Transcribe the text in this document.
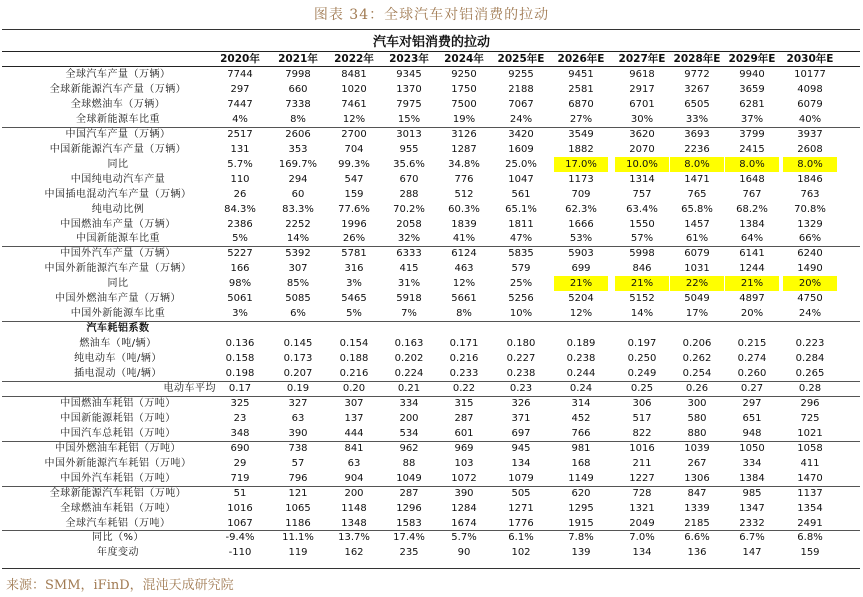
图表 34：全球汽车对铝消费的拉动
汽车对铝消费的拉动
2020年	2021年	2022年	2023年	2024年	2025年E	2026年E	2027年E 2028年E 2029年E	2030年E
全球汽车产量（万辆）	7744	7998	8481	9345	9250	9255	9451	9618	9772	9940	10177
全球新能源汽车产量（万辆）	297	660	1020	1370	1750	2188	2581	2917	3267	3659	4098
全球燃油车（万辆）	7447	7338	7461	7975	7500	7067	6870	6701	6505	6281	6079
全球新能源车比重	4%	8%	12%	15%	19%	24%	27%	30%	33%	37%	40%
中国汽车产量（万辆）	2517	2606	2700	3013	3126	3420	3549	3620	3693	3799	3937
中国新能源汽车产量（万辆）	131	353	704	955	1287	1609	1882	2070	2236	2415	2608
同比	5.7%	169.7%	99.3%	35.6%	34.8%	25.0%	17.0%	10.0%	8.0%	8.0%	8.0%
中国纯电动汽车产量	110	294	547	670	776	1047	1173	1314	1471	1648	1846
中国插电混动汽车产量（万辆）	26	60	159	288	512	561	709	757	765	767	763
纯电动比例	84.3%	83.3%	77.6%	70.2%	60.3%	65.1%	62.3%	63.4%	65.8%	68.2%	70.8%
中国燃油车产量（万辆）	2386	2252	1996	2058	1839	1811	1666	1550	1457	1384	1329
中国新能源车比重	5%	14%	26%	32%	41%	47%	53%	57%	61%	64%	66%
中国外汽车产量（万辆）	5227	5392	5781	6333	6124	5835	5903	5998	6079	6141	6240
中国外新能源汽车产量（万辆）	166	307	316	415	463	579	699	846	1031	1244	1490
同比	98%	85%	3%	31%	12%	25%	21%	21%	22%	21%	20%
中国外燃油车产量（万辆）	5061	5085	5465	5918	5661	5256	5204	5152	5049	4897	4750
中国外新能源车比重	3%	6%	5%	7%	8%	10%	12%	14%	17%	20%	24%
汽车耗铝系数
燃油车（吨/辆）	0.136	0.145	0.154	0.163	0.171	0.180	0.189	0.197	0.206	0.215	0.223
纯电动车（吨/辆）	0.158	0.173	0.188	0.202	0.216	0.227	0.238	0.250	0.262	0.274	0.284
插电混动（吨/辆）	0.198	0.207	0.216	0.224	0.233	0.238	0.244	0.249	0.254	0.260	0.265
电动车平均	0.17	0.19	0.20	0.21	0.22	0.23	0.24	0.25	0.26	0.27	0.28
中国燃油车耗铝（万吨）	325	327	307	334	315	326	314	306	300	297	296
中国新能源耗铝（万吨）	23	63	137	200	287	371	452	517	580	651	725
中国汽车总耗铝（万吨）	348	390	444	534	601	697	766	822	880	948	1021
中国外燃油车耗铝（万吨）	690	738	841	962	969	945	981	1016	1039	1050	1058
中国外新能源汽车耗铝（万吨）	29	57	63	88	103	134	168	211	267	334	411
中国外汽车耗铝（万吨）	719	796	904	1049	1072	1079	1149	1227	1306	1384	1470
全球新能源汽车耗铝（万吨）	51	121	200	287	390	505	620	728	847	985	1137
全球燃油车耗铝（万吨）	1016	1065	1148	1296	1284	1271	1295	1321	1339	1347	1354
全球汽车耗铝（万吨）	1067	1186	1348	1583	1674	1776	1915	2049	2185	2332	2491
同比（%）	-9.4%	11.1%	13.7%	17.4%	5.7%	6.1%	7.8%	7.0%	6.6%	6.7%	6.8%
年度变动	-110	119	162	235	90	102	139	134	136	147	159
来源：SMM，iFinD，混沌天成研究院
